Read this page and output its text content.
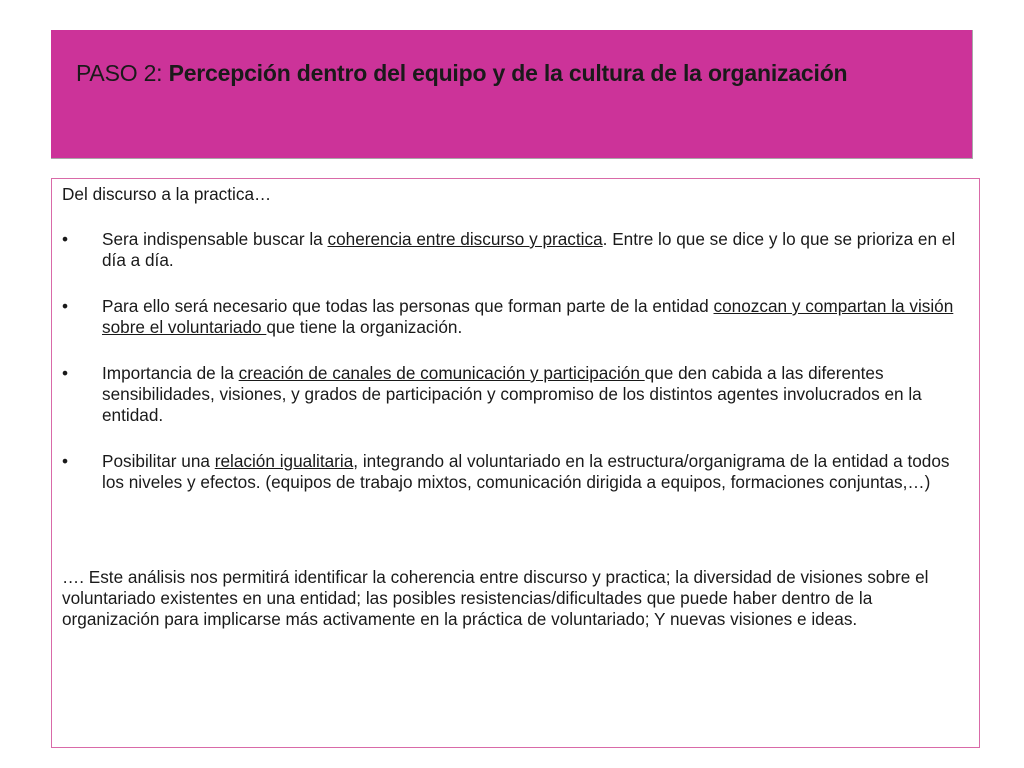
PASO 2: Percepción dentro del equipo y de la cultura de la organización

Del discurso a la practica…

• Sera indispensable buscar la coherencia entre discurso y practica. Entre lo que se dice y lo que se prioriza en el día a día.
• Para ello será necesario que todas las personas que forman parte de la entidad conozcan y compartan la visión sobre el voluntariado que tiene la organización.
• Importancia de la creación de canales de comunicación y participación que den cabida a las diferentes sensibilidades, visiones, y grados de participación y compromiso de los distintos agentes involucrados en la entidad.
• Posibilitar una relación igualitaria, integrando al voluntariado en la estructura/organigrama de la entidad a todos los niveles y efectos. (equipos de trabajo mixtos, comunicación dirigida a equipos, formaciones conjuntas,…)

…. Este análisis nos permitirá identificar la coherencia entre discurso y practica; la diversidad de visiones sobre el voluntariado existentes en una entidad; las posibles resistencias/dificultades que puede haber dentro de la organización para implicarse más activamente en la práctica de voluntariado; Y nuevas visiones e ideas.
